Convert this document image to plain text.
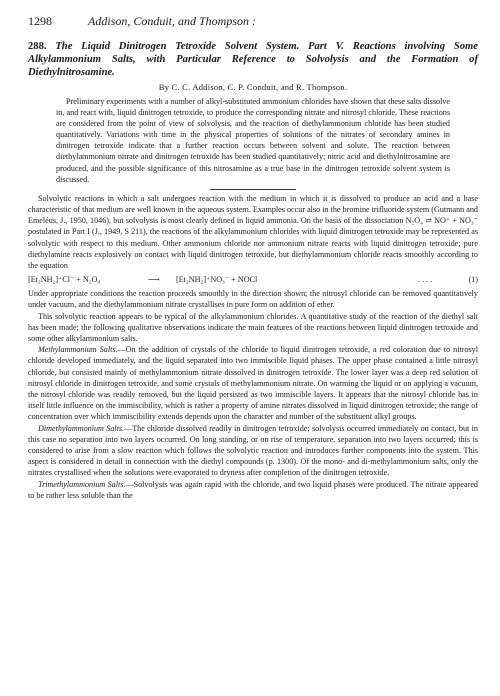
1298	Addison, Conduit, and Thompson :
288. The Liquid Dinitrogen Tetroxide Solvent System. Part V. Reactions involving Some Alkylammonium Salts, with Particular Reference to Solvolysis and the Formation of Diethylnitrosamine.
By C. C. Addison, C. P. Conduit, and R. Thompson.
Preliminary experiments with a number of alkyl-substituted ammonium chlorides have shown that these salts dissolve in, and react with, liquid dinitrogen tetroxide, to produce the corresponding nitrate and nitrosyl chloride. These reactions are considered from the point of view of solvolysis, and the reaction of diethylammonium chloride has been studied quantitatively. Variations with time in the physical properties of solutions of the nitrates of secondary amines in dinitrogen tetroxide indicate that a further reaction occurs between solvent and solute. The reaction between diethylammonium nitrate and dinitrogen tetroxide has been studied quantitatively; nitric acid and diethylnitrosamine are produced, and the possible significance of this nitrosamine as a true base in the dinitrogen tetroxide solvent system is discussed.

Solvolytic reactions in which a salt undergoes reaction with the medium in which it is dissolved to produce an acid and a base characteristic of that medium are well known in the aqueous system. Examples occur also in the bromine trifluoride system (Gutmann and Emeléus, J., 1950, 1046), but solvolysis is most clearly defined in liquid ammonia. On the basis of the dissociation N₂O₄ ⇌ NO⁺ + NO₃⁻ postulated in Part I (J., 1949, S 211), the reactions of the alkylammonium chlorides with liquid dinitrogen tetroxide may be represented as solvolytic with respect to this medium. Other ammonium chloride nor ammonium nitrate reacts with liquid dinitrogen tetroxide; pure diethylamine reacts explosively on contact with liquid dinitrogen tetroxide, but diethylammonium chloride reacts smoothly according to the equation

[Et₂NH₂]⁺Cl⁻ + N₂O₄	⟶	[Et₂NH₂]⁺NO₃⁻ + NOCl	. . . .	(1)

Under appropriate conditions the reaction proceeds smoothly in the direction shown; the nitrosyl chloride can be removed quantitatively under vacuum, and the diethylammonium nitrate crystallises in pure form on addition of ether.

This solvolytic reaction appears to be typical of the alkylammonium chlorides. A quantitative study of the reaction of the diethyl salt has been made; the following qualitative observations indicate the main features of the reactions between liquid dinitrogen tetroxide and some other alkylammonium salts.

Methylammonium Salts.—On the addition of crystals of the chloride to liquid dinitrogen tetroxide, a red coloration due to nitrosyl chloride developed immediately, and the liquid separated into two immiscible liquid phases. The upper phase contained a little nitrosyl chloride, but consisted mainly of methylammonium nitrate dissolved in dinitrogen tetroxide. The lower layer was a deep red solution of nitrosyl chloride in dinitrogen tetroxide, and some crystals of methylammonium nitrate. On warming the liquid or on applying a vacuum, the nitrosyl chloride was readily removed, but the liquid persisted as two immiscible layers. It appears that the nitrosyl chloride has in itself little influence on the immiscibility, which is rather a property of amine nitrates dissolved in liquid dinitrogen tetroxide; the range of concentration over which immiscibility extends depends upon the character and number of the substituent alkyl groups.

Dimethylammonium Salts.—The chloride dissolved readily in dinitrogen tetroxide; solvolysis occurred immediately on contact, but in this case no separation into two layers occurred. On long standing, or on rise of temperature, separation into two layers occurred; this is considered to arise from a slow reaction which follows the solvolytic reaction and introduces further components into the system. This aspect is considered in detail in connection with the diethyl compounds (p. 1300). Of the mono- and di-methylammonium salts, only the nitrates crystallised when the solutions were evaporated to dryness after completion of the dinitrogen tetroxide.

Trimethylammonium Salts.—Solvolysis was again rapid with the chloride, and two liquid phases were produced. The nitrate appeared to be rather less soluble than the
